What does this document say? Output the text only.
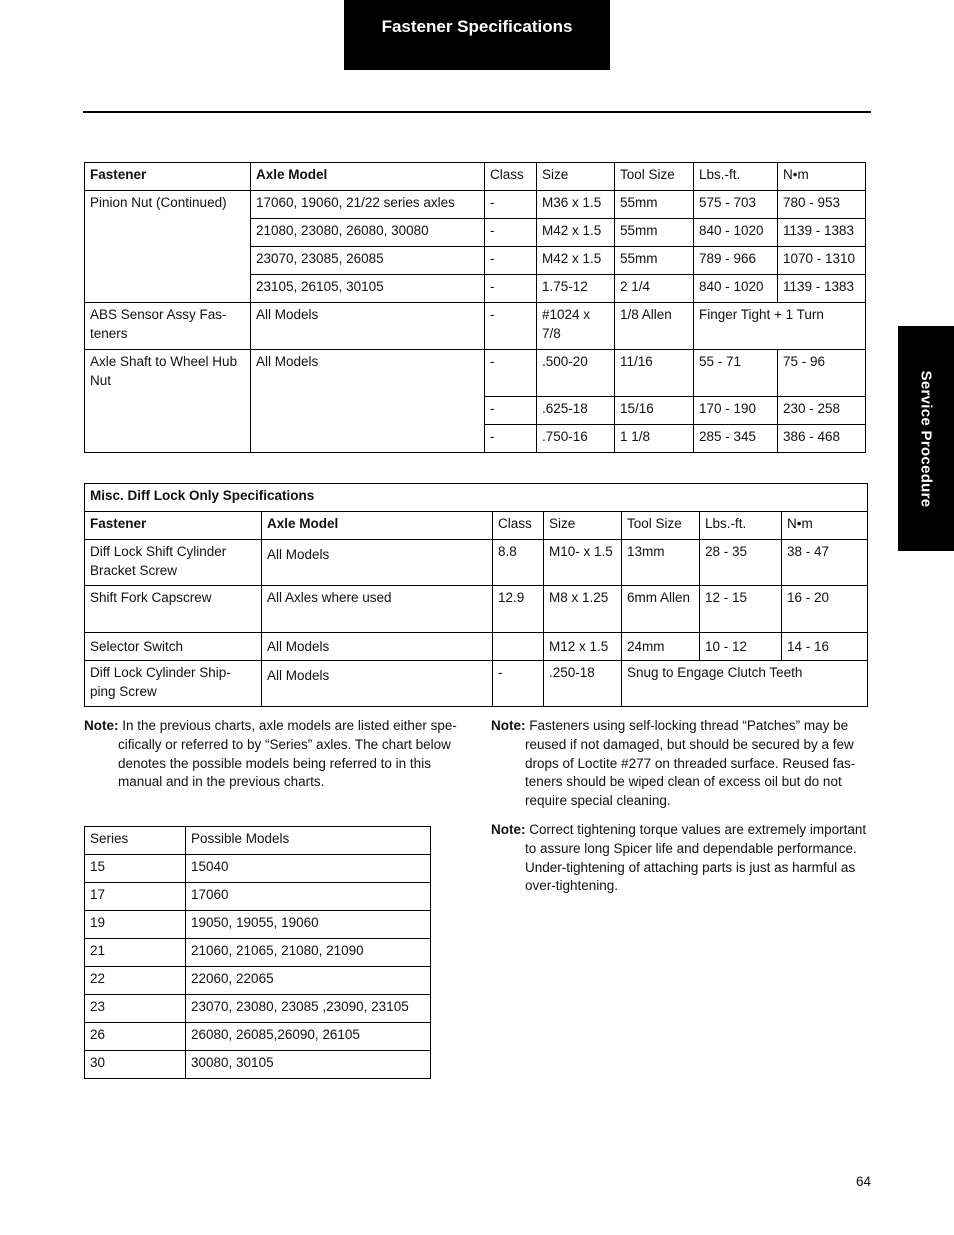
Fastener Specifications
Service Procedure
Fastener	Axle Model	Class	Size	Tool Size	Lbs.-ft.	N•m
Pinion Nut (Continued)	17060, 19060, 21/22 series axles	-	M36 x 1.5	55mm	575 - 703	780 - 953
	21080, 23080, 26080, 30080	-	M42 x 1.5	55mm	840 - 1020	1139 - 1383
	23070, 23085, 26085	-	M42 x 1.5	55mm	789 - 966	1070 - 1310
	23105, 26105, 30105	-	1.75-12	2 1/4	840 - 1020	1139 - 1383
ABS Sensor Assy Fas-teners	All Models	-	#1024 x 7/8	1/8 Allen	Finger Tight + 1 Turn	
Axle Shaft to Wheel Hub Nut	All Models	-	.500-20	11/16	55 - 71	75 - 96
		-	.625-18	15/16	170 - 190	230 - 258
		-	.750-16	1 1/8	285 - 345	386 - 468
Misc. Diff Lock Only Specifications						
Fastener	Axle Model	Class	Size	Tool Size	Lbs.-ft.	N•m
Diff Lock Shift Cylinder Bracket Screw	All Models	8.8	M10- x 1.5	13mm	28 - 35	38 - 47
Shift Fork Capscrew	All Axles where used	12.9	M8 x 1.25	6mm Allen	12 - 15	16 - 20
Selector Switch	All Models		M12 x 1.5	24mm	10 - 12	14 - 16
Diff Lock Cylinder Ship-ping Screw	All Models	-	.250-18	Snug to Engage Clutch Teeth		
Note: In the previous charts, axle models are listed either spe-cifically or referred to by “Series” axles. The chart below denotes the possible models being referred to in this manual and in the previous charts.
Note: Fasteners using self-locking thread “Patches” may be reused if not damaged, but should be secured by a few drops of Loctite #277 on threaded surface. Reused fas-teners should be wiped clean of excess oil but do not require special cleaning.
Note: Correct tightening torque values are extremely important to assure long Spicer life and dependable performance. Under-tightening of attaching parts is just as harmful as over-tightening.
Series	Possible Models
15	15040
17	17060
19	19050, 19055, 19060
21	21060, 21065, 21080, 21090
22	22060, 22065
23	23070, 23080, 23085 ,23090, 23105
26	26080, 26085,26090, 26105
30	30080, 30105
64
